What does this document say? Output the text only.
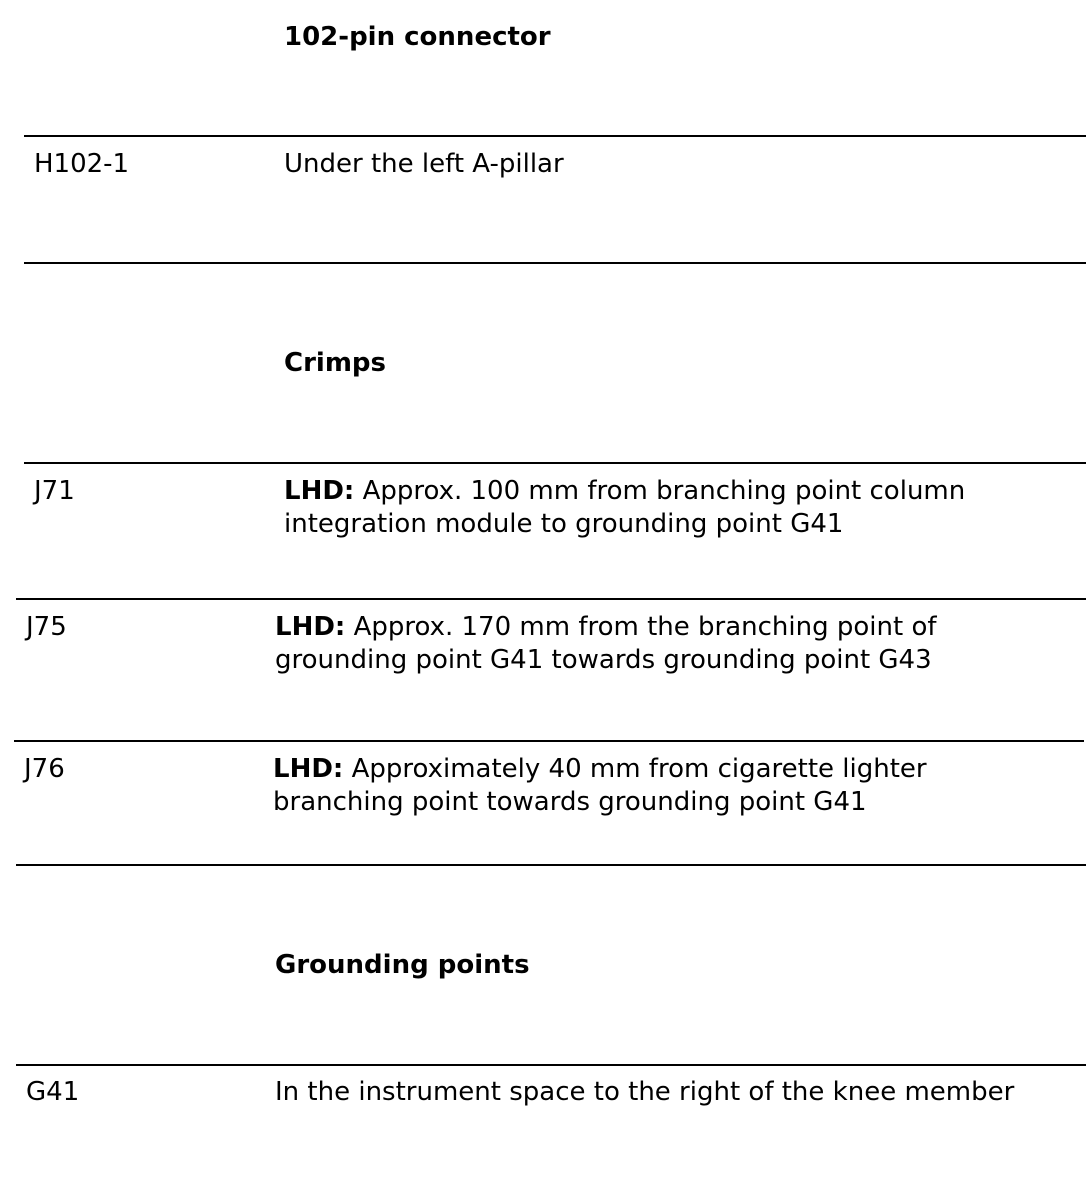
102-pin connector
H102-1	Under the left A-pillar
Crimps
J71	LHD: Approx. 100 mm from branching point column
integration module to grounding point G41
J75	LHD: Approx. 170 mm from the branching point of
grounding point G41 towards grounding point G43
J76	LHD: Approximately 40 mm from cigarette lighter
branching point towards grounding point G41
Grounding points
G41	In the instrument space to the right of the knee member
